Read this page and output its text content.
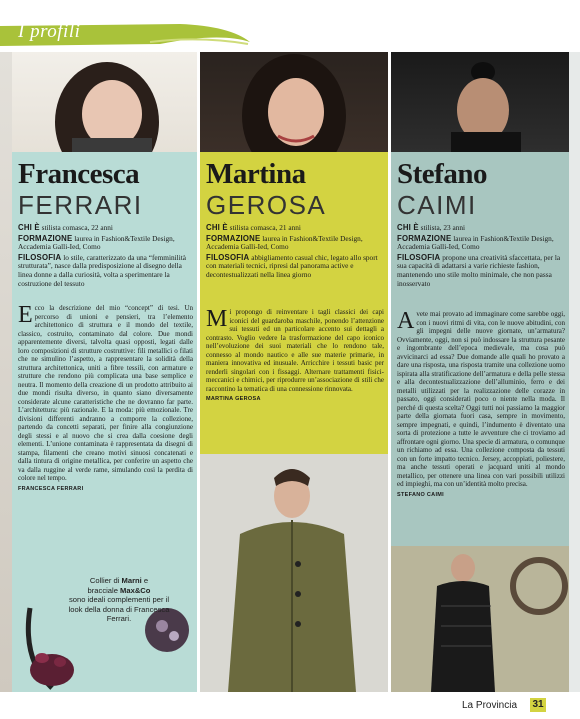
I profili
Francesca
FERRARI

CHI È stilista comasca, 22 anni

FORMAZIONE laurea in Fashion&Textile Design, Accademia Galli-Ied, Como

FILOSOFIA lo stile, caratterizzato da una “femminilità strutturata”, nasce dalla predisposizione al disegno della linea donne a dalla curiosità, volta a sperimentare la costruzione del tessuto

Ecco la descrizione del mio “concept” di tesi. Un percorso di unioni e pensieri, tra l’elemento architettonico di struttura e il mondo del textile, classico, costruito, contaminato dal colore. Due mondi apparentemente diversi, talvolta quasi opposti, legati dalle loro composizioni di strutture costruttive: fili metallici o filati che ne simulino l’aspetto, a rappresentare la solidità della struttura architettonica, uniti a fibre tessili, con armature e strutture che rendono più complicata una base semplice e neutra. Il momento della creazione di un prodotto attribuito ai due mondi risulta diverso, in quanto siano diversamente considerate alcune caratteristiche che ne dovranno far parte. L’architettura: più razionale. E la moda: più emozionale. Tre divisioni differenti andranno a comporre la collezione, partendo da concetti separati, per finire alla congiunzione degli stessi e al nuovo che si crea dalla coesione degli elementi. L’unione contaminata è rappresentata da disegni di stampa, filamenti che creano motivi sinuosi concatenati e dalla tintura di origine metallica, per conferire un aspetto che va dalla ruggine al verde rame, simulando così la perdita di colore nel tempo.

FRANCESCA FERRARI
Collier di Marni e
bracciale Max&Co
sono ideali complementi per il look della donna di Francesca Ferrari.
Martina
GEROSA

CHI È stilista comasca, 21 anni

FORMAZIONE laurea in Fashion&Textile Design, Accademia Galli-Ied, Como

FILOSOFIA abbigliamento casual chic, legato allo sport con materiali tecnici, ripresi dal panorama active e decontestualizzati nella linea giorno

Mi propongo di reinventare i tagli classici dei capi iconici del guardaroba maschile, ponendo l’attenzione sui tessuti ed un particolare accento sui dettagli a contrasto. Voglio vedere la trasformazione del capo iconico nell’evoluzione dei suoi materiali che lo rendono tale, connesso al mondo nautico e alle sue materie primarie, in maniera innovativa ed inusuale. Arricchire i tessuti basic per renderli singolari con i fissaggi. Alternare trattamenti fisici-meccanici e chimici, per riprodurre un’associazione di stili che raccontino la tematica di una connessione rinnovata.

MARTINA GEROSA
Stefano
CAIMI

CHI È stilista, 23 anni

FORMAZIONE laurea in Fashion&Textile Design, Accademia Galli-Ied, Como

FILOSOFIA propone una creatività sfaccettata, per la sua capacità di adattarsi a varie richieste fashion, mantenendo uno stile molto minimale, che non passa inosservato

Avete mai provato ad immaginare come sarebbe oggi, con i nuovi ritmi di vita, con le nuove abitudini, con gli impegni delle nuove giornate, un’armatura? Ovviamente, oggi, non si può indossare la struttura pesante e ingombrante dell’epoca medievale, ma cosa può avvicinarci ad essa? Due domande alle quali ho provato a dare una risposta, una risposta tramite una collezione uomo ispirata alla stratificazione dell’armatura e della pelle stessa e alla decontestualizzazione dell’alluminio, ferro e dei metalli utilizzati per la realizzazione delle corazze in passato, oggi considerati poco o niente nella moda. Il perché di questa scelta? Oggi tutti noi passiamo la maggior parte della giornata fuori casa, sempre in movimento, sempre impegnati, e quindi, l’indumento è diventato una sorta di protezione a tutte le avventure che ci troviamo ad affrontare ogni giorno. Una specie di armatura, o comunque un richiamo ad essa. Una collezione composta da tessuti con un forte impatto tecnico. Jersey, accoppiati, poliestere, ma anche tessuti operati e jacquard uniti al mondo metallico, per ottenere una linea con vari possibili utilizzi ed impieghi, ma con un’identità molto precisa.

STEFANO CAIMI
La Provincia 31
